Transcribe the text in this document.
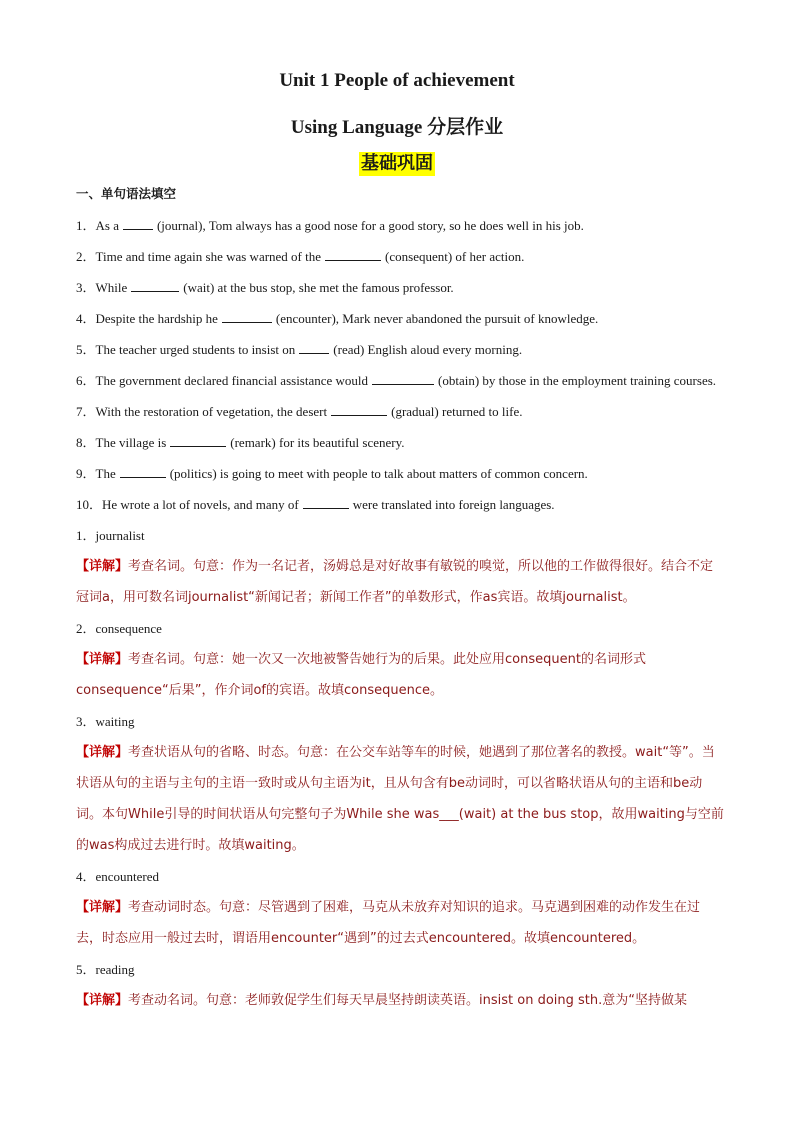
Unit 1 People of achievement
Using Language 分层作业
基础巩固
一、单句语法填空
1．As a	(journal), Tom always has a good nose for a good story, so he does well in his job.
2．Time and time again she was warned of the	(consequent) of her action.
3．While	(wait) at the bus stop, she met the famous professor.
4．Despite the hardship he	(encounter), Mark never abandoned the pursuit of knowledge.
5．The teacher urged students to insist on	(read) English aloud every morning.
6．The government declared financial assistance would	(obtain) by those in the employment training courses.
7．With the restoration of vegetation, the desert	(gradual) returned to life.
8．The village is	(remark) for its beautiful scenery.
9．The	(politics) is going to meet with people to talk about matters of common concern.
10．He wrote a lot of novels, and many of	were translated into foreign languages.
1．journalist
【详解】考查名词。句意：作为一名记者，汤姆总是对好故事有敏锐的嗅觉，所以他的工作做得很好。结合不定冠词a，用可数名词journalist“新闻记者；新闻工作者”的单数形式，作as宾语。故填journalist。
2．consequence
【详解】考查名词。句意：她一次又一次地被警告她行为的后果。此处应用consequent的名词形式consequence“后果”，作介词of的宾语。故填consequence。
3．waiting
【详解】考查状语从句的省略、时态。句意：在公交车站等车的时候，她遇到了那位著名的教授。wait“等”。当状语从句的主语与主句的主语一致时或从句主语为it，且从句含有be动词时，可以省略状语从句的主语和be动词。本句While引导的时间状语从句完整句子为While she was___(wait) at the bus stop，故用waiting与空前的was构成过去进行时。故填waiting。
4．encountered
【详解】考查动词时态。句意：尽管遇到了困难，马克从未放弃对知识的追求。马克遇到困难的动作发生在过去，时态应用一般过去时，谓语用encounter“遇到”的过去式encountered。故填encountered。
5．reading
【详解】考查动名词。句意：老师敦促学生们每天早晨坚持朗读英语。insist on doing sth.意为“坚持做某
